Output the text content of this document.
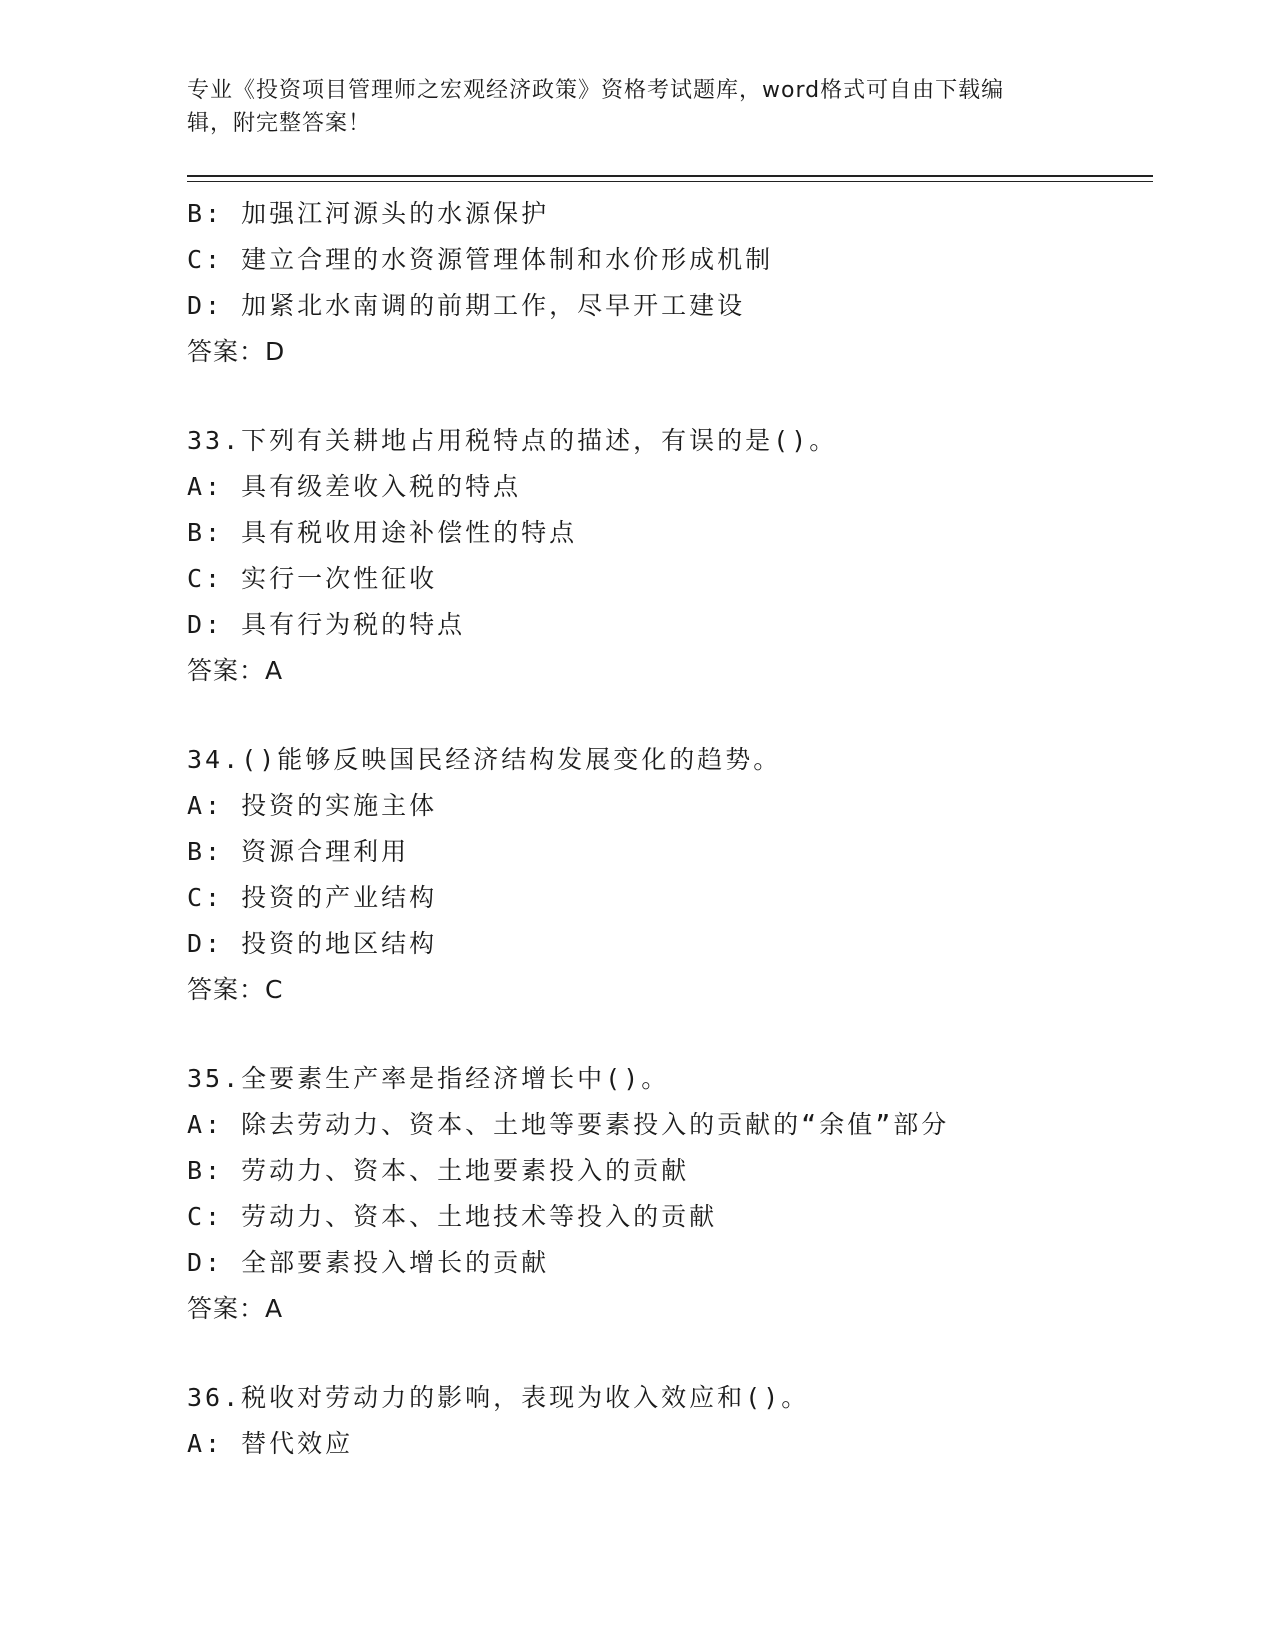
专业《投资项目管理师之宏观经济政策》资格考试题库，word格式可自由下载编
辑，附完整答案！

B: 加强江河源头的水源保护
C: 建立合理的水资源管理体制和水价形成机制
D: 加紧北水南调的前期工作，尽早开工建设
答案：D
33.下列有关耕地占用税特点的描述，有误的是()。
A: 具有级差收入税的特点
B: 具有税收用途补偿性的特点
C: 实行一次性征收
D: 具有行为税的特点
答案：A
34.()能够反映国民经济结构发展变化的趋势。
A: 投资的实施主体
B: 资源合理利用
C: 投资的产业结构
D: 投资的地区结构
答案：C
35.全要素生产率是指经济增长中()。
A: 除去劳动力、资本、土地等要素投入的贡献的“余值”部分
B: 劳动力、资本、土地要素投入的贡献
C: 劳动力、资本、土地技术等投入的贡献
D: 全部要素投入增长的贡献
答案：A
36.税收对劳动力的影响，表现为收入效应和()。
A: 替代效应
